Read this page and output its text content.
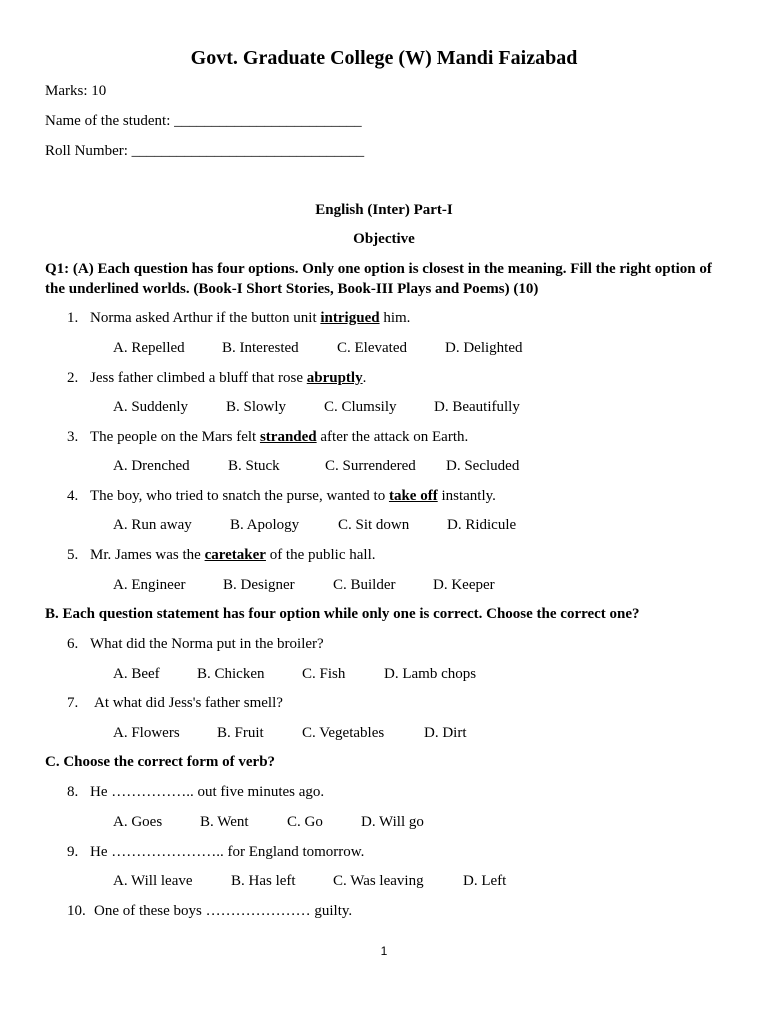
Govt. Graduate College (W) Mandi Faizabad
Marks: 10
Name of the student: _________________________
Roll Number: _______________________________
English (Inter) Part-I
Objective
Q1: (A) Each question has four options. Only one option is closest in the meaning. Fill the right option of the underlined worlds. (Book-I Short Stories, Book-III Plays and Poems) (10)
1. Norma asked Arthur if the button unit intrigued him.
A. Repelled B. Interested	C. Elevated	D. Delighted
2. Jess father climbed a bluff that rose abruptly.
A. Suddenly	B. Slowly	C. Clumsily D. Beautifully
3. The people on the Mars felt stranded after the attack on Earth.
A. Drenched	B. Stuck	C. Surrendered D. Secluded
4. The boy, who tried to snatch the purse, wanted to take off instantly.
A. Run away	B. Apology	C. Sit down	D. Ridicule
5. Mr. James was the caretaker of the public hall.
A. Engineer	B. Designer	C. Builder	D. Keeper
B. Each question statement has four option while only one is correct. Choose the correct one?
6. What did the Norma put in the broiler?
A. Beef B. Chicken	C. Fish	D. Lamb chops
7. At what did Jess's father smell?
A. Flowers B. Fruit	C. Vegetables	D. Dirt
C. Choose the correct form of verb?
8. He …………….. out five minutes ago.
A. Goes	B. Went	C. Go	D. Will go
9. He ………………….. for England tomorrow.
A. Will leave	B. Has left C. Was leaving	D. Left
10. One of these boys ………………… guilty.
1
